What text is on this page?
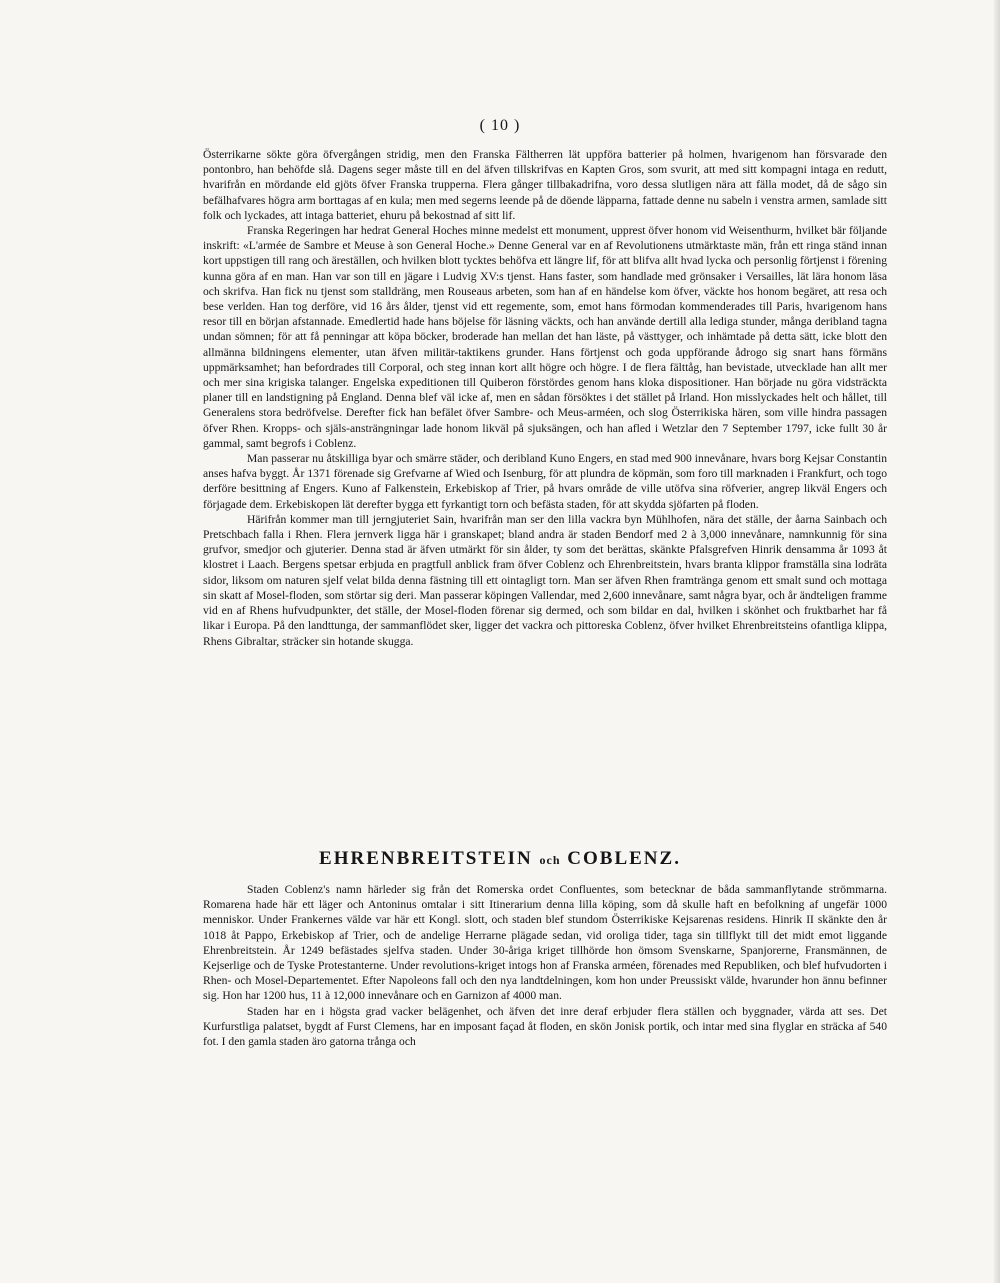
( 10 )

Österrikarne sökte göra öfvergången stridig, men den Franska Fältherren lät uppföra batterier på holmen, hvarigenom han försvarade den pontonbro, han behöfde slå. Dagens seger måste till en del äfven tillskrifvas en Kapten Gros, som svurit, att med sitt kompagni intaga en redutt, hvarifrån en mördande eld gjöts öfver Franska trupperna. Flera gånger tillbakadrifna, voro dessa slutligen nära att fälla modet, då de sågo sin befälhafvares högra arm borttagas af en kula; men med segerns leende på de döende läpparna, fattade denne nu sabeln i venstra armen, samlade sitt folk och lyckades, att intaga batteriet, ehuru på bekostnad af sitt lif.

Franska Regeringen har hedrat General Hoches minne medelst ett monument, upprest öfver honom vid Weisenthurm, hvilket bär följande inskrift: «L'armée de Sambre et Meuse à son General Hoche.» Denne General var en af Revolutionens utmärktaste män, från ett ringa ständ innan kort uppstigen till rang och äreställen, och hvilken blott tycktes behöfva ett längre lif, för att blifva allt hvad lycka och personlig förtjenst i förening kunna göra af en man. Han var son till en jägare i Ludvig XV:s tjenst. Hans faster, som handlade med grönsaker i Versailles, lät lära honom läsa och skrifva. Han fick nu tjenst som stalldräng, men Rouseaus arbeten, som han af en händelse kom öfver, väckte hos honom begäret, att resa och bese verlden. Han tog derföre, vid 16 års ålder, tjenst vid ett regemente, som, emot hans förmodan kommenderades till Paris, hvarigenom hans resor till en början afstannade. Emedlertid hade hans böjelse för läsning väckts, och han använde dertill alla lediga stunder, många deribland tagna undan sömnen; för att få penningar att köpa böcker, broderade han mellan det han läste, på västtyger, och inhämtade på detta sätt, icke blott den allmänna bildningens elementer, utan äfven militär-taktikens grunder. Hans förtjenst och goda uppförande ådrogo sig snart hans förmäns uppmärksamhet; han befordrades till Corporal, och steg innan kort allt högre och högre. I de flera fälttåg, han bevistade, utvecklade han allt mer och mer sina krigiska talanger. Engelska expeditionen till Quiberon förstördes genom hans kloka dispositioner. Han började nu göra vidsträckta planer till en landstigning på England. Denna blef väl icke af, men en sådan försöktes i det stället på Irland. Hon misslyckades helt och hållet, till Generalens stora bedröfvelse. Derefter fick han befälet öfver Sambre- och Meus-arméen, och slog Österrikiska hären, som ville hindra passagen öfver Rhen. Kropps- och själs-ansträngningar lade honom likväl på sjuksängen, och han afled i Wetzlar den 7 September 1797, icke fullt 30 år gammal, samt begrofs i Coblenz.

Man passerar nu åtskilliga byar och smärre städer, och deribland Kuno Engers, en stad med 900 innevånare, hvars borg Kejsar Constantin anses hafva byggt. År 1371 förenade sig Grefvarne af Wied och Isenburg, för att plundra de köpmän, som foro till marknaden i Frankfurt, och togo derföre besittning af Engers. Kuno af Falkenstein, Erkebiskop af Trier, på hvars område de ville utöfva sina röfverier, angrep likväl Engers och förjagade dem. Erkebiskopen lät derefter bygga ett fyrkantigt torn och befästa staden, för att skydda sjöfarten på floden.

Härifrån kommer man till jerngjuteriet Sain, hvarifrån man ser den lilla vackra byn Mühlhofen, nära det ställe, der åarna Sainbach och Pretschbach falla i Rhen. Flera jernverk ligga här i granskapet; bland andra är staden Bendorf med 2 à 3,000 innevånare, namnkunnig för sina grufvor, smedjor och gjuterier. Denna stad är äfven utmärkt för sin ålder, ty som det berättas, skänkte Pfalsgrefven Hinrik densamma år 1093 åt klostret i Laach. Bergens spetsar erbjuda en pragtfull anblick fram öfver Coblenz och Ehrenbreitstein, hvars branta klippor framställa sina lodräta sidor, liksom om naturen sjelf velat bilda denna fästning till ett ointagligt torn. Man ser äfven Rhen framtränga genom ett smalt sund och mottaga sin skatt af Mosel-floden, som störtar sig deri. Man passerar köpingen Vallendar, med 2,600 innevånare, samt några byar, och år ändteligen framme vid en af Rhens hufvudpunkter, det ställe, der Mosel-floden förenar sig dermed, och som bildar en dal, hvilken i skönhet och fruktbarhet har få likar i Europa. På den landttunga, der sammanflödet sker, ligger det vackra och pittoreska Coblenz, öfver hvilket Ehrenbreitsteins ofantliga klippa, Rhens Gibraltar, sträcker sin hotande skugga.

EHRENBREITSTEIN och COBLENZ.

Staden Coblenz's namn härleder sig från det Romerska ordet Confluentes, som betecknar de båda sammanflytande strömmarna. Romarena hade här ett läger och Antoninus omtalar i sitt Itinerarium denna lilla köping, som då skulle haft en befolkning af ungefär 1000 menniskor. Under Frankernes välde var här ett Kongl. slott, och staden blef stundom Österrikiske Kejsarenas residens. Hinrik II skänkte den år 1018 åt Pappo, Erkebiskop af Trier, och de andeligе Herrarne plägade sedan, vid oroliga tider, taga sin tillflykt till det midt emot liggande Ehrenbreitstein. År 1249 befästades sjelfva staden. Under 30-åriga kriget tillhörde hon ömsom Svenskarne, Spanjorerne, Fransmännen, de Kejserlige och de Tyske Protestanterne. Under revolutions-kriget intogs hon af Franska arméen, förenades med Republiken, och blef hufvudorten i Rhen- och Mosel-Departementet. Efter Napoleons fall och den nya landtdelningen, kom hon under Preussiskt välde, hvarunder hon ännu befinner sig. Hon har 1200 hus, 11 à 12,000 innevånare och en Garnizon af 4000 man.

Staden har en i högsta grad vacker belägenhet, och äfven det inre deraf erbjuder flera ställen och byggnader, värda att ses. Det Kurfurstliga palatset, bygdt af Furst Clemens, har en imposant façad åt floden, en skön Jonisk portik, och intar med sina flyglar en sträcka af 540 fot. I den gamla staden äro gatorna trånga och
